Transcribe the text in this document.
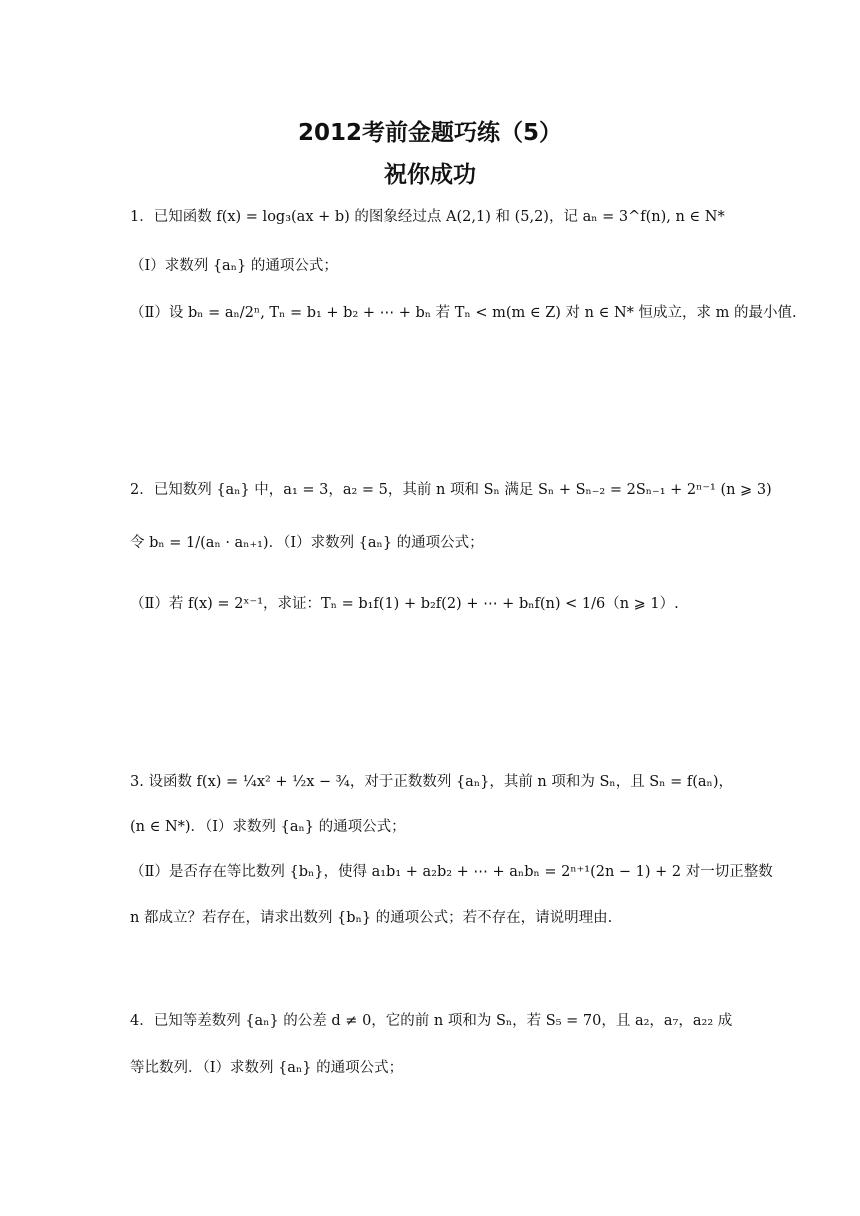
2012考前金题巧练（5）
祝你成功
1．已知函数 f(x) = log₃(ax + b) 的图象经过点 A(2,1) 和 (5,2)，记 aₙ = 3^f(n), n ∈ N*
（Ⅰ）求数列 {aₙ} 的通项公式；
（Ⅱ）设 bₙ = aₙ/2ⁿ, Tₙ = b₁ + b₂ + ⋯ + bₙ 若 Tₙ < m(m ∈ Z) 对 n ∈ N* 恒成立，求 m 的最小值.
2．已知数列 {aₙ} 中，a₁ = 3，a₂ = 5，其前 n 项和 Sₙ 满足 Sₙ + Sₙ₋₂ = 2Sₙ₋₁ + 2ⁿ⁻¹ (n ⩾ 3)
令 bₙ = 1/(aₙ · aₙ₊₁)．（Ⅰ）求数列 {aₙ} 的通项公式；
（Ⅱ）若 f(x) = 2ˣ⁻¹，求证：Tₙ = b₁f(1) + b₂f(2) + ⋯ + bₙf(n) < 1/6（n ⩾ 1）.
3. 设函数 f(x) = ¼x² + ½x − ¾，对于正数数列 {aₙ}，其前 n 项和为 Sₙ，且 Sₙ = f(aₙ)，
(n ∈ N*)．（Ⅰ）求数列 {aₙ} 的通项公式；
（Ⅱ）是否存在等比数列 {bₙ}，使得 a₁b₁ + a₂b₂ + ⋯ + aₙbₙ = 2ⁿ⁺¹(2n − 1) + 2 对一切正整数
n 都成立？若存在，请求出数列 {bₙ} 的通项公式；若不存在，请说明理由.
4．已知等差数列 {aₙ} 的公差 d ≠ 0，它的前 n 项和为 Sₙ，若 S₅ = 70，且 a₂，a₇，a₂₂ 成
等比数列．（Ⅰ）求数列 {aₙ} 的通项公式；
